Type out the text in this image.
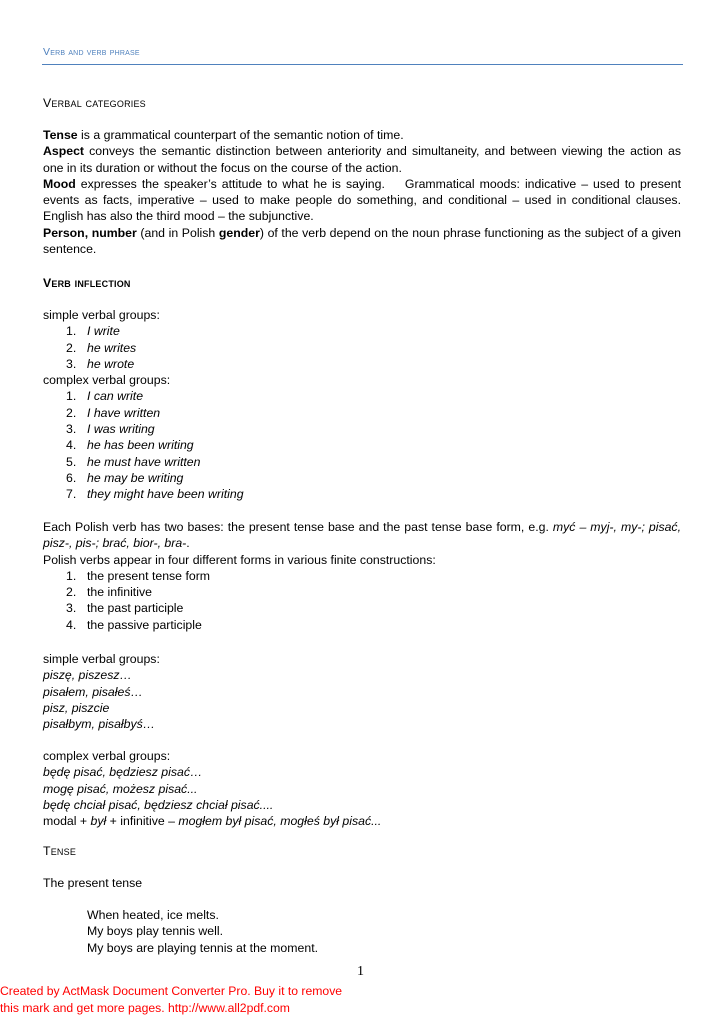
Verb and verb phrase
Verbal categories

Tense is a grammatical counterpart of the semantic notion of time.

Aspect conveys the semantic distinction between anteriority and simultaneity, and between viewing the action as one in its duration or without the focus on the course of the action.

Mood expresses the speaker’s attitude to what he is saying.    Grammatical moods: indicative – used to present events as facts, imperative – used to make people do something, and conditional – used in conditional clauses. English has also the third mood – the subjunctive.

Person, number (and in Polish gender) of the verb depend on the noun phrase functioning as the subject of a given sentence.

Verb inflection
simple verbal groups:
1. I write
2. he writes
3. he wrote
complex verbal groups:
1. I can write
2. I have written
3. I was writing
4. he has been writing
5. he must have written
6. he may be writing
7. they might have been writing

Each Polish verb has two bases: the present tense base and the past tense base form, e.g. myć – myj-, my-; pisać, pisz-, pis-; brać, bior-, bra-.

Polish verbs appear in four different forms in various finite constructions:
1. the present tense form
2. the infinitive
3. the past participle
4. the passive participle
simple verbal groups:
piszę, piszesz…
pisałem, pisałeś…
pisz, piszcie
pisałbym, pisałbyś…
complex verbal groups:
będę pisać, będziesz pisać…
mogę pisać, możesz pisać...
będę chciał pisać, będziesz chciał pisać....
modal + był + infinitive – mogłem był pisać, mogłeś był pisać...
Tense
The present tense
When heated, ice melts.
My boys play tennis well.
My boys are playing tennis at the moment.
1
Created by ActMask Document Converter Pro. Buy it to remove
this mark and get more pages. http://www.all2pdf.com
